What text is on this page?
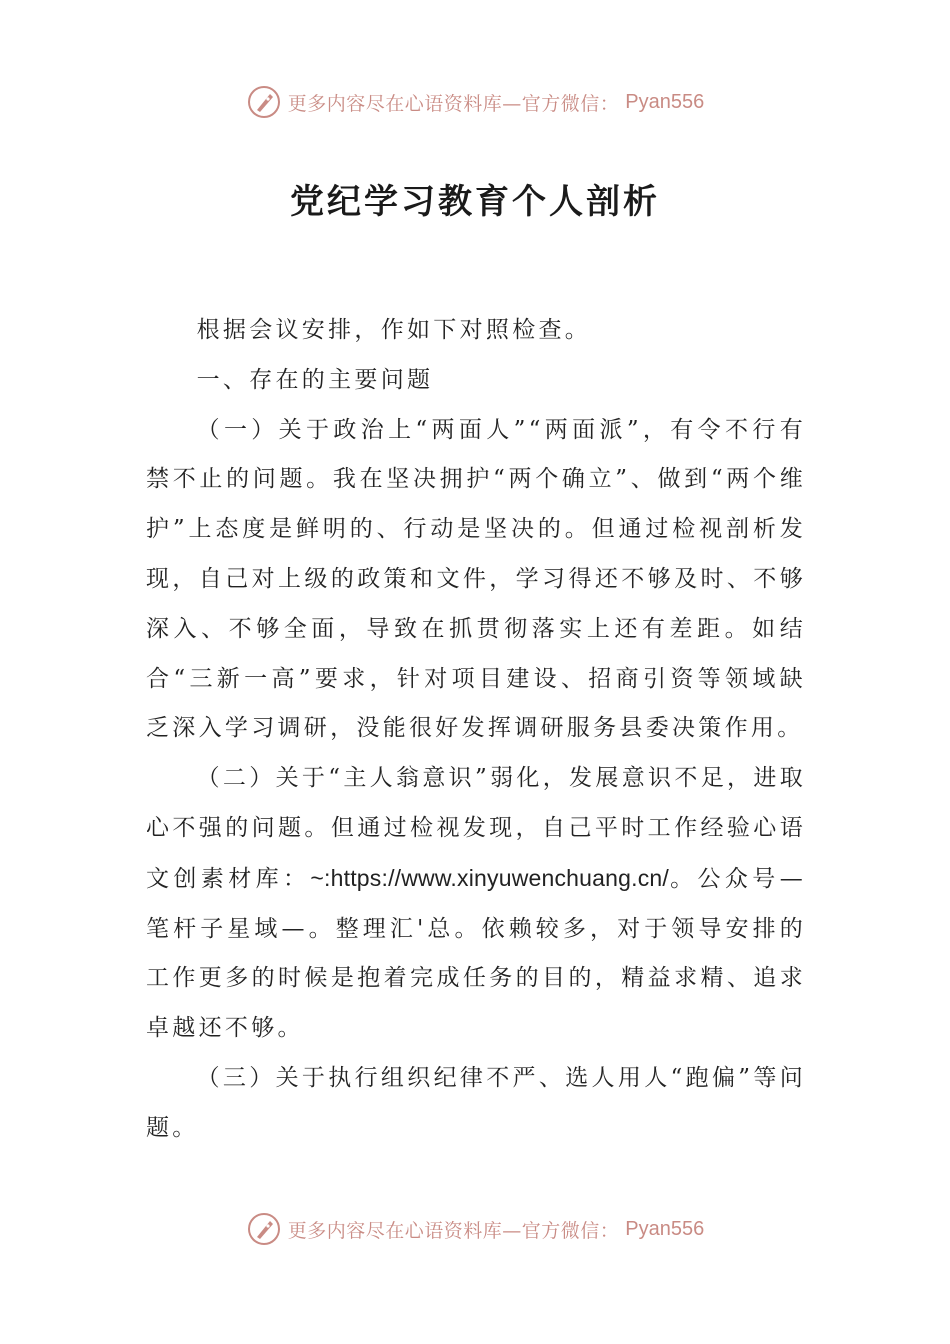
更多内容尽在心语资料库—官方微信： Pyan556
党纪学习教育个人剖析

根据会议安排，作如下对照检查。

一、存在的主要问题

（一）关于政治上“两面人”“两面派”，有令不行有禁不止的问题。我在坚决拥护“两个确立”、做到“两个维护”上态度是鲜明的、行动是坚决的。但通过检视剖析发现，自己对上级的政策和文件，学习得还不够及时、不够深入、不够全面，导致在抓贯彻落实上还有差距。如结合“三新一高”要求，针对项目建设、招商引资等领域缺乏深入学习调研，没能很好发挥调研服务县委决策作用。

（二）关于“主人翁意识”弱化，发展意识不足，进取心不强的问题。但通过检视发现，自己平时工作经验心语文创素材库：~:https://www.xinyuwenchuang.cn/。公众号—笔杆子星域—。整理汇'总。依赖较多，对于领导安排的工作更多的时候是抱着完成任务的目的，精益求精、追求卓越还不够。

（三）关于执行组织纪律不严、选人用人“跑偏”等问题。

更多内容尽在心语资料库—官方微信： Pyan556
